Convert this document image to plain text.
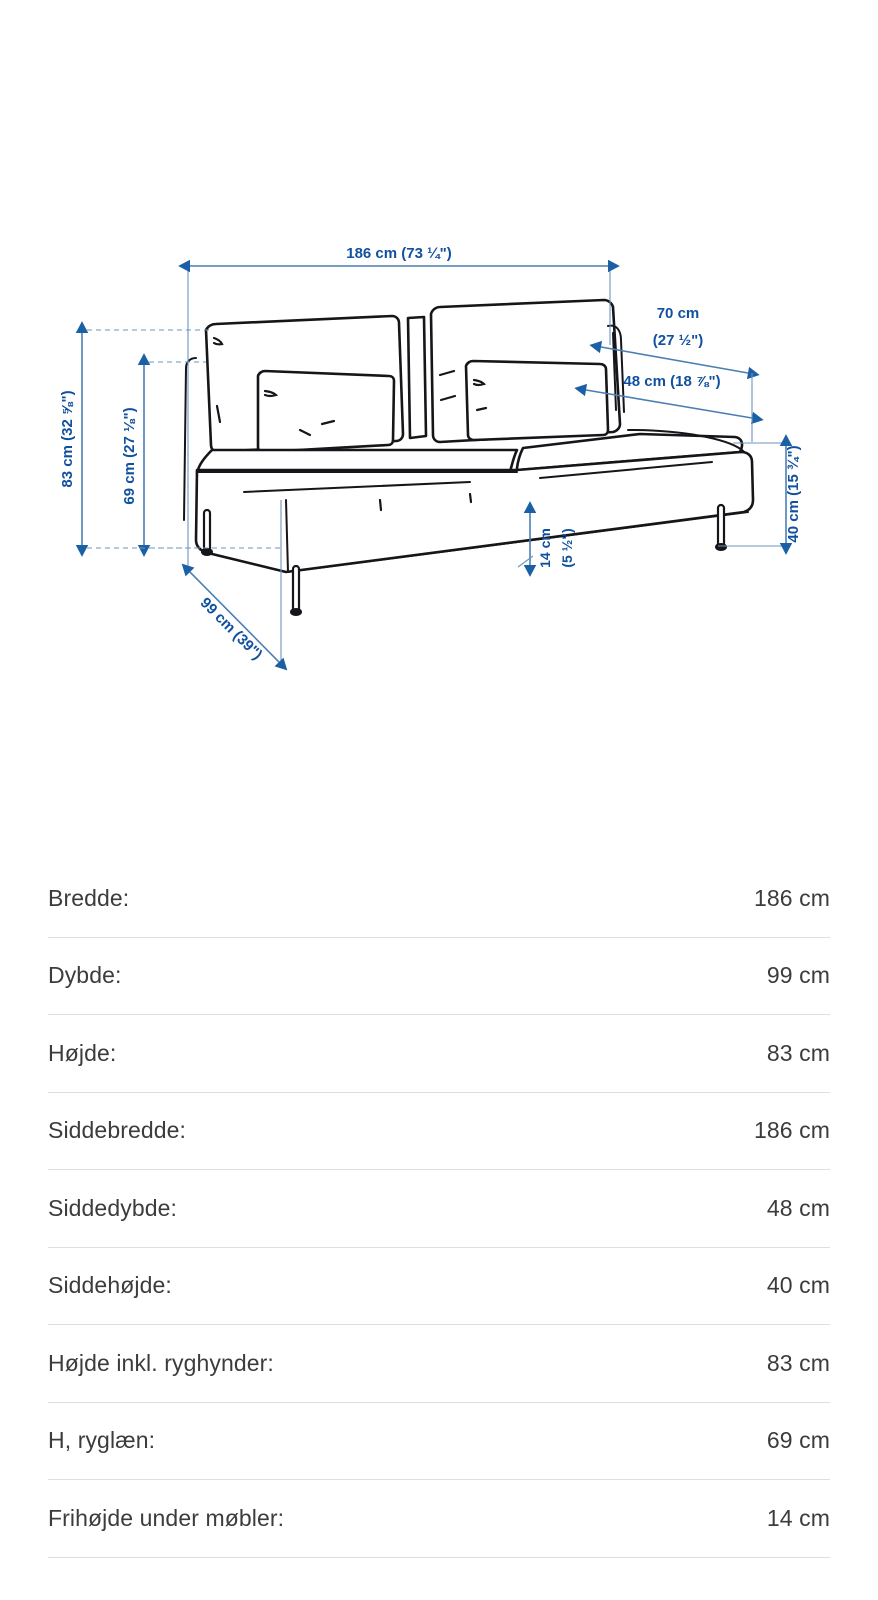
186 cm (73 ¼")
83 cm (32 ⅝")	69 cm (27 ⅛")
70 cm
(27 ½")
48 cm (18 ⅞")
40 cm (15 ¾")
14 cm (5 ½")
99 cm (39")
Bredde:	186 cm
Dybde:	99 cm
Højde:	83 cm
Siddebredde:	186 cm
Siddedybde:	48 cm
Siddehøjde:	40 cm
Højde inkl. ryghynder:	83 cm
H, ryglæn:	69 cm
Frihøjde under møbler:	14 cm
